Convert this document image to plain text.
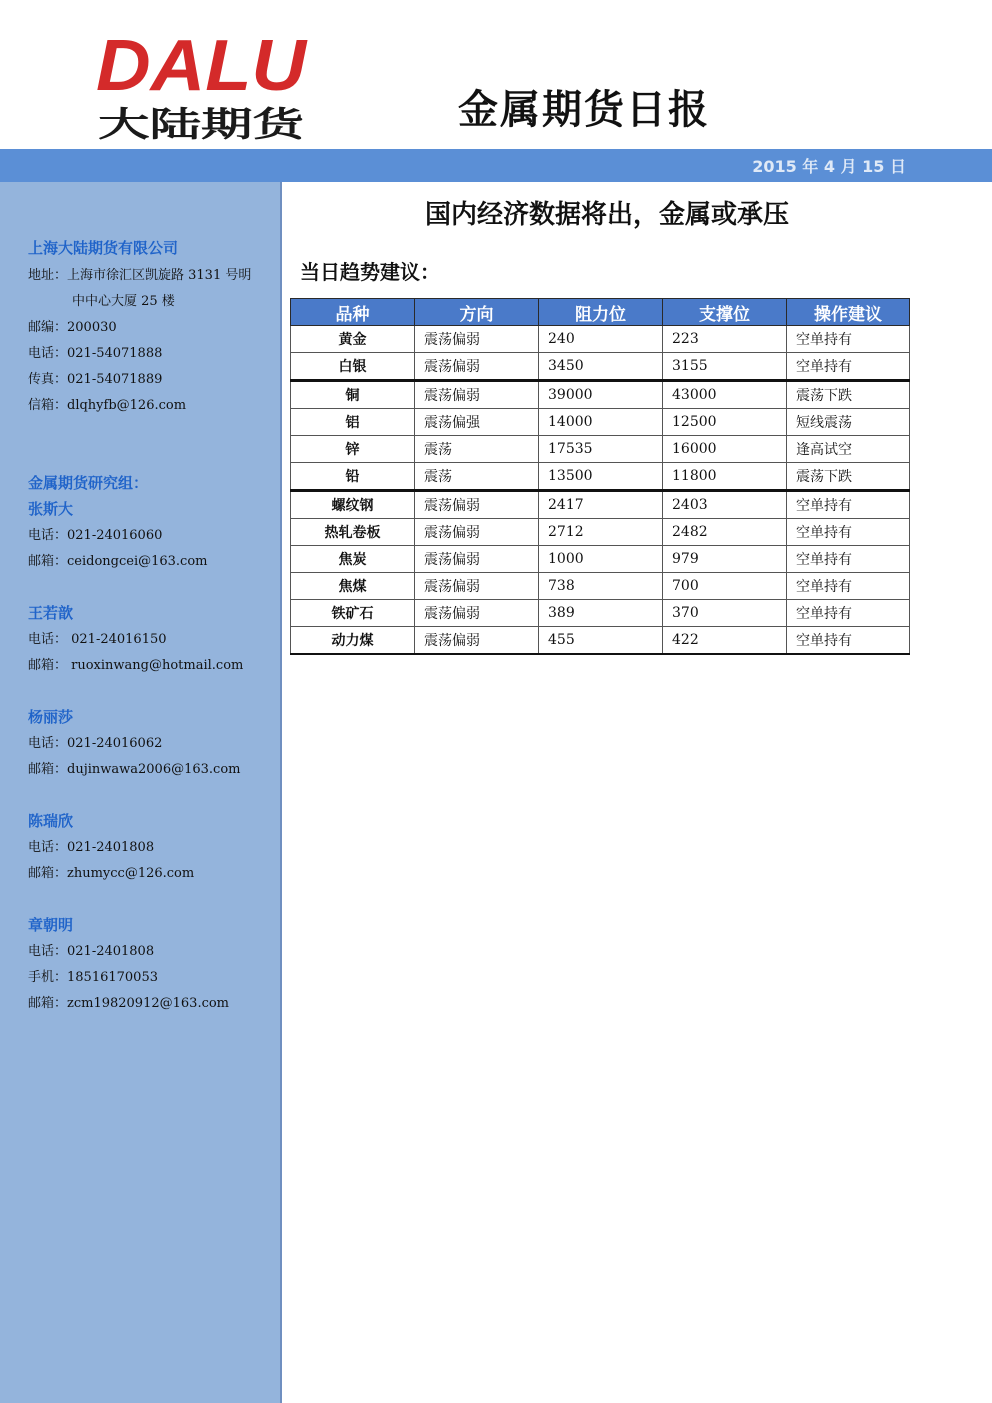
DALU
大陆期货	金属期货日报
2015 年 4 月 15 日
上海大陆期货有限公司
地址：上海市徐汇区凯旋路 3131 号明
中中心大厦 25 楼
邮编：200030
电话：021-54071888
传真：021-54071889
信箱：dlqhyfb@126.com
金属期货研究组：
张斯大
电话：021-24016060
邮箱：ceidongcei@163.com
王若歆
电话： 021-24016150
邮箱： ruoxinwang@hotmail.com
杨丽莎
电话：021-24016062
邮箱：dujinwawa2006@163.com
陈瑞欣
电话：021-2401808
邮箱：zhumycc@126.com
章朝明
电话：021-2401808
手机：18516170053
邮箱：zcm19820912@163.com
国内经济数据将出，金属或承压
当日趋势建议：
品种	方向	阻力位	支撑位	操作建议
黄金	震荡偏弱	240	223	空单持有
白银	震荡偏弱	3450	3155	空单持有
铜	震荡偏弱	39000	43000	震荡下跌
铝	震荡偏强	14000	12500	短线震荡
锌	震荡	17535	16000	逢高试空
铅	震荡	13500	11800	震荡下跌
螺纹钢	震荡偏弱	2417	2403	空单持有
热轧卷板	震荡偏弱	2712	2482	空单持有
焦炭	震荡偏弱	1000	979	空单持有
焦煤	震荡偏弱	738	700	空单持有
铁矿石	震荡偏弱	389	370	空单持有
动力煤	震荡偏弱	455	422	空单持有
